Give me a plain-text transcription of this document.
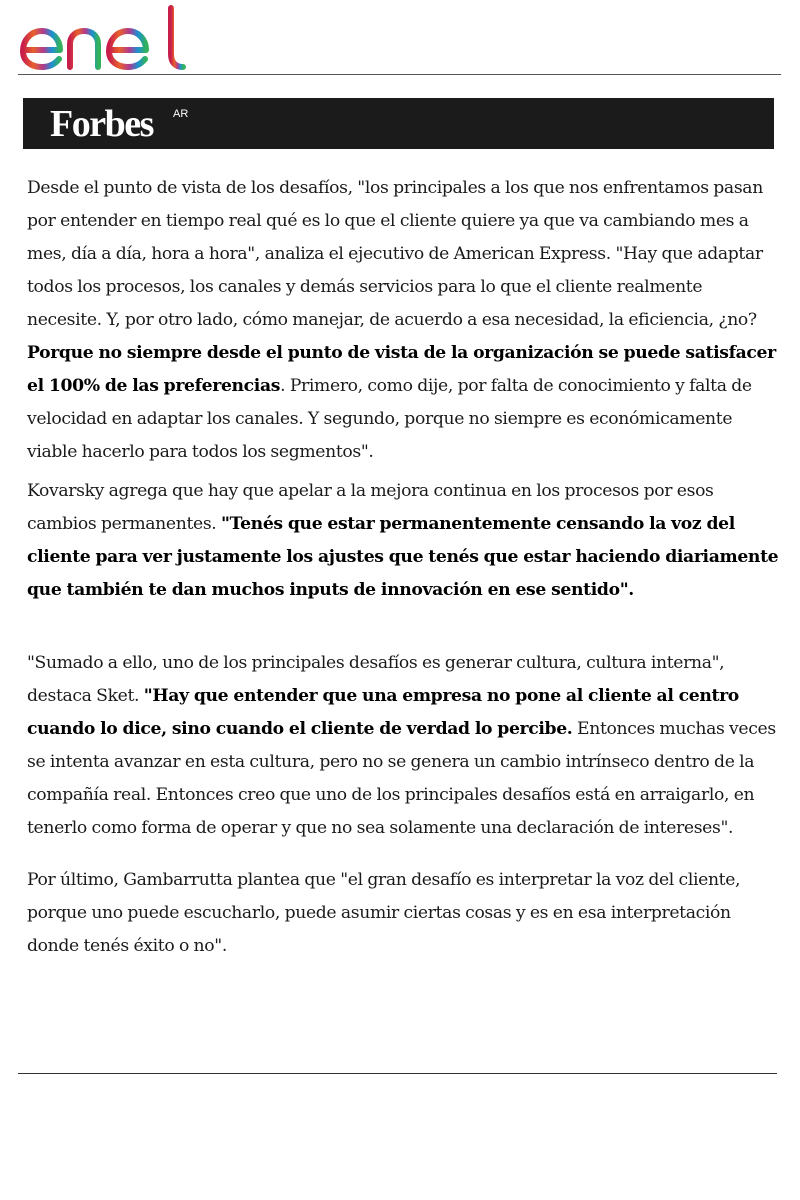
Forbes AR

Desde el punto de vista de los desafíos, "los principales a los que nos enfrentamos pasan por entender en tiempo real qué es lo que el cliente quiere ya que va cambiando mes a mes, día a día, hora a hora", analiza el ejecutivo de American Express. "Hay que adaptar todos los procesos, los canales y demás servicios para lo que el cliente realmente necesite. Y, por otro lado, cómo manejar, de acuerdo a esa necesidad, la eficiencia, ¿no? Porque no siempre desde el punto de vista de la organización se puede satisfacer el 100% de las preferencias. Primero, como dije, por falta de conocimiento y falta de velocidad en adaptar los canales. Y segundo, porque no siempre es económicamente viable hacerlo para todos los segmentos".

Kovarsky agrega que hay que apelar a la mejora continua en los procesos por esos cambios permanentes. "Tenés que estar permanentemente censando la voz del cliente para ver justamente los ajustes que tenés que estar haciendo diariamente que también te dan muchos inputs de innovación en ese sentido".

"Sumado a ello, uno de los principales desafíos es generar cultura, cultura interna", destaca Sket. "Hay que entender que una empresa no pone al cliente al centro cuando lo dice, sino cuando el cliente de verdad lo percibe. Entonces muchas veces se intenta avanzar en esta cultura, pero no se genera un cambio intrínseco dentro de la compañía real. Entonces creo que uno de los principales desafíos está en arraigarlo, en tenerlo como forma de operar y que no sea solamente una declaración de intereses".

Por último, Gambarrutta plantea que "el gran desafío es interpretar la voz del cliente, porque uno puede escucharlo, puede asumir ciertas cosas y es en esa interpretación donde tenés éxito o no".
